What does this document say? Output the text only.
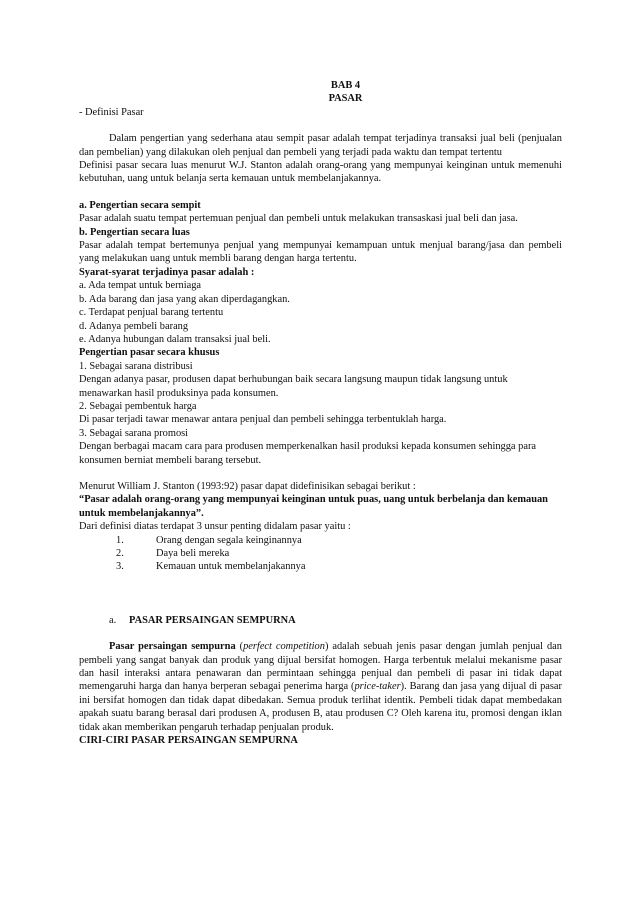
BAB 4
PASAR

- Definisi Pasar

Dalam pengertian yang sederhana atau sempit pasar adalah tempat terjadinya transaksi jual beli (penjualan dan pembelian) yang dilakukan oleh penjual dan pembeli yang terjadi pada waktu dan tempat tertentu

Definisi pasar secara luas menurut W.J. Stanton adalah orang-orang yang mempunyai keinginan untuk memenuhi kebutuhan, uang untuk belanja serta kemauan untuk membelanjakannya.

a. Pengertian secara sempit

Pasar adalah suatu tempat pertemuan penjual dan pembeli untuk melakukan transaskasi jual beli dan jasa.

b. Pengertian secara luas

Pasar adalah tempat bertemunya penjual yang mempunyai kemampuan untuk menjual barang/jasa dan pembeli yang melakukan uang untuk membli barang dengan harga tertentu.

Syarat-syarat terjadinya pasar adalah :

a. Ada tempat untuk berniaga

b. Ada barang dan jasa yang akan diperdagangkan.

c. Terdapat penjual barang tertentu

d. Adanya pembeli barang

e. Adanya hubungan dalam transaksi jual beli.

Pengertian pasar secara khusus

1. Sebagai sarana distribusi

Dengan adanya pasar, produsen dapat berhubungan baik secara langsung maupun tidak langsung untuk menawarkan hasil produksinya pada konsumen.

2. Sebagai pembentuk harga

Di pasar terjadi tawar menawar antara penjual dan pembeli sehingga terbentuklah harga.

3. Sebagai sarana promosi

Dengan berbagai macam cara para produsen memperkenalkan hasil produksi kepada konsumen sehingga para konsumen berniat membeli barang tersebut.

Menurut William J. Stanton (1993:92) pasar dapat didefinisikan sebagai berikut :

“Pasar adalah orang-orang yang mempunyai keinginan untuk puas, uang untuk berbelanja dan kemauan untuk membelanjakannya”.

Dari definisi diatas terdapat 3 unsur penting didalam pasar yaitu :

1.	Orang dengan segala keinginannya
2.	Daya beli mereka
3.	Kemauan untuk membelanjakannya

a. PASAR PERSAINGAN SEMPURNA

Pasar persaingan sempurna (perfect competition) adalah sebuah jenis pasar dengan jumlah penjual dan pembeli yang sangat banyak dan produk yang dijual bersifat homogen. Harga terbentuk melalui mekanisme pasar dan hasil interaksi antara penawaran dan permintaan sehingga penjual dan pembeli di pasar ini tidak dapat memengaruhi harga dan hanya berperan sebagai penerima harga (price-taker). Barang dan jasa yang dijual di pasar ini bersifat homogen dan tidak dapat dibedakan. Semua produk terlihat identik. Pembeli tidak dapat membedakan apakah suatu barang berasal dari produsen A, produsen B, atau produsen C? Oleh karena itu, promosi dengan iklan tidak akan memberikan pengaruh terhadap penjualan produk.

CIRI-CIRI PASAR PERSAINGAN SEMPURNA
